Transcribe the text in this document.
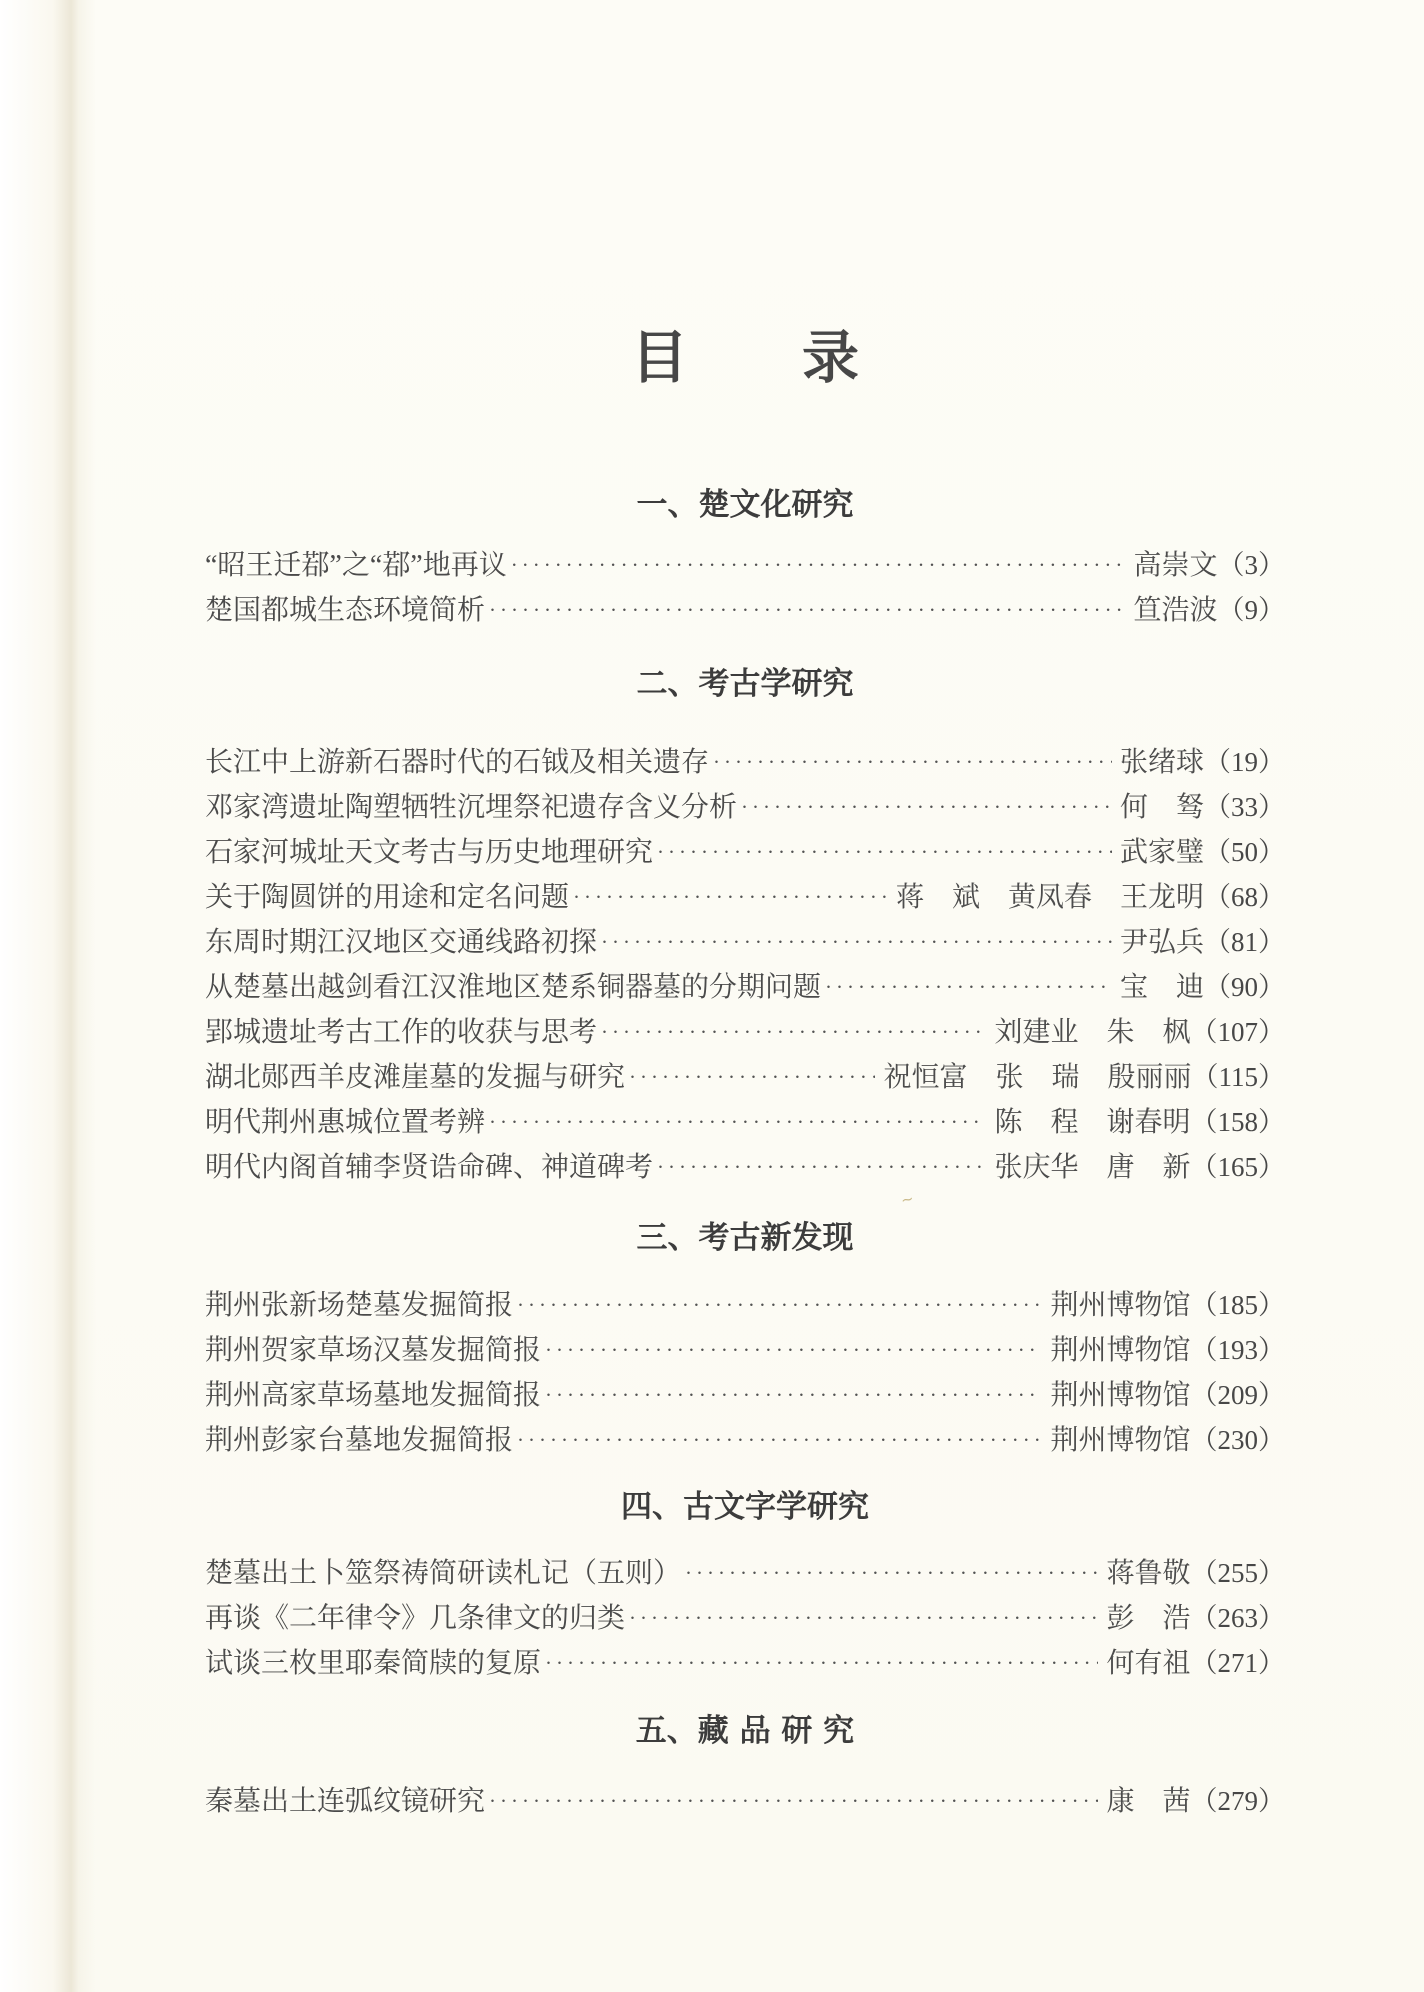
~
目　　录
一、楚文化研究
“昭王迁鄀”之“鄀”地再议 ·····	高崇文 （3）
楚国都城生态环境简析 ·····	笪浩波 （9）
二、考古学研究
长江中上游新石器时代的石钺及相关遗存 ·····	张绪球 （19）
邓家湾遗址陶塑牺牲沉埋祭祀遗存含义分析 ·····	何　驽 （33）
石家河城址天文考古与历史地理研究 ·····	武家璧 （50）
关于陶圆饼的用途和定名问题 ·····	蒋　斌　黄凤春　王龙明 （68）
东周时期江汉地区交通线路初探 ·····	尹弘兵 （81）
从楚墓出越剑看江汉淮地区楚系铜器墓的分期问题 ·····	宝　迪 （90）
郢城遗址考古工作的收获与思考 ·····	刘建业　朱　枫 （107）
湖北郧西羊皮滩崖墓的发掘与研究 ·····	祝恒富　张　瑞　殷丽丽 （115）
明代荆州惠城位置考辨 ·····	陈　程　谢春明 （158）
明代内阁首辅李贤诰命碑、神道碑考 ·····	张庆华　唐　新 （165）
三、考古新发现
荆州张新场楚墓发掘简报 ·····	荆州博物馆 （185）
荆州贺家草场汉墓发掘简报 ·····	荆州博物馆 （193）
荆州高家草场墓地发掘简报 ·····	荆州博物馆 （209）
荆州彭家台墓地发掘简报 ·····	荆州博物馆 （230）
四、古文字学研究
楚墓出土卜筮祭祷简研读札记（五则） ·····	蒋鲁敬 （255）
再谈《二年律令》几条律文的归类 ·····	彭　浩 （263）
试谈三枚里耶秦简牍的复原 ·····	何有祖 （271）
五、藏 品 研 究
秦墓出土连弧纹镜研究 ·····	康　茜 （279）
